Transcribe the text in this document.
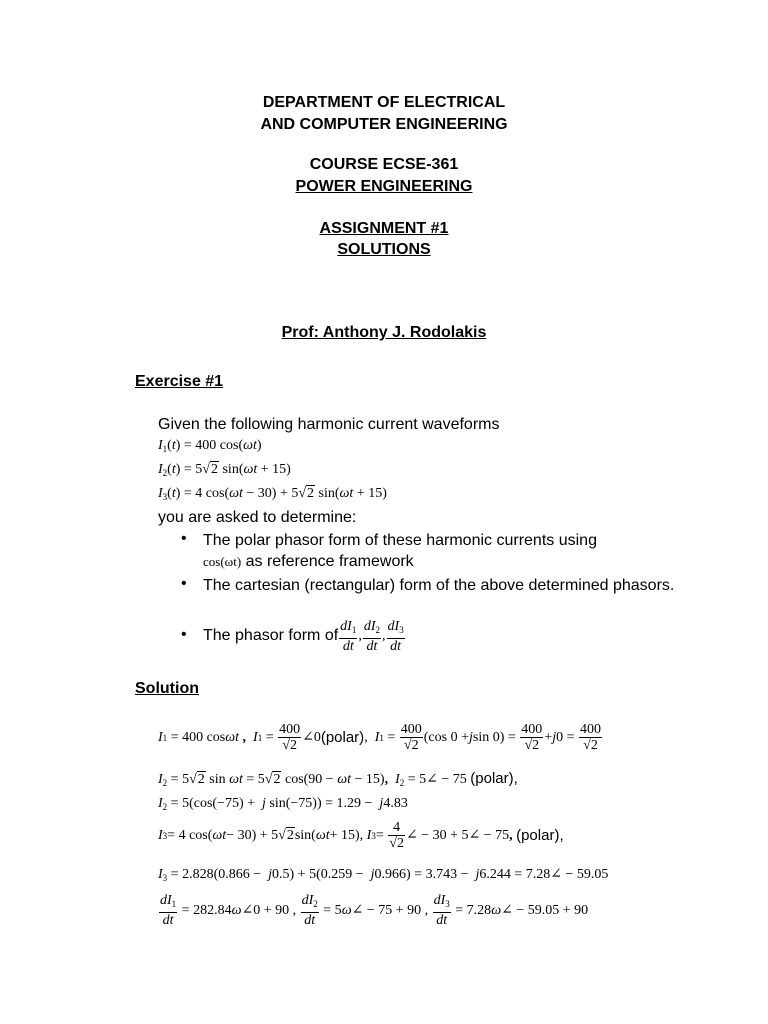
DEPARTMENT OF ELECTRICAL
AND COMPUTER ENGINEERING
COURSE ECSE-361
POWER ENGINEERING
ASSIGNMENT #1
SOLUTIONS
Prof: Anthony J. Rodolakis
Exercise #1
Given the following harmonic current waveforms
$I_1(t) = 400$ cos(ωt)
$I_2(t) = 5√2$ sin(ωt + 15)
$I_3(t) = 4$ cos(ωt − 30) + 5√2 sin(ωt + 15)
you are asked to determine:
• The polar phasor form of these harmonic currents using
cos(ωt) as reference framework
• The cartesian (rectangular) form of the above determined phasors.
• The phasor form of $\frac{dI_1}{dt}$ , $\frac{dI_2}{dt}$ , $\frac{dI_3}{dt}$
Solution
I 1 = 400 cos ωt
,
I $1 = \frac{400}{√2}$ ∠0 (polar) , I $1 = \frac{400}{√2} (\cos$ 0 + j $\sin 0) = \frac{400}{√2} + j$ $0 = \frac{400}{√2}$
$I_2 = 5√2$ sin ωt = 5√2 cos(90 − ωt − 15), $I_2$ = 5∠ − 75 (polar),
$I_2 = 5(\cos(-75) + j$ sin(−75)) = 1.29 −  j4.83
I 3 = 4 cos( ωt − 30) + 5 √2 sin( ωt + 15), I $3 = \frac{4}{√2}$ ∠ − 30 + 5∠ − 75 ,
(polar),
$I_3 = 2.828(0.866 - j0.5) + 5(0.259 - j0.966) = 3.743 - j6.244$ = 7.28∠ − 59.05
$\frac{dI_1}{dt} = 282.84$ ω ∠0 + 90 , $\frac{dI_2}{dt} = 5$ ω ∠ − 75 + 90 , $\frac{dI_3}{dt} = 7.28$ ω ∠ − 59.05 + 90
